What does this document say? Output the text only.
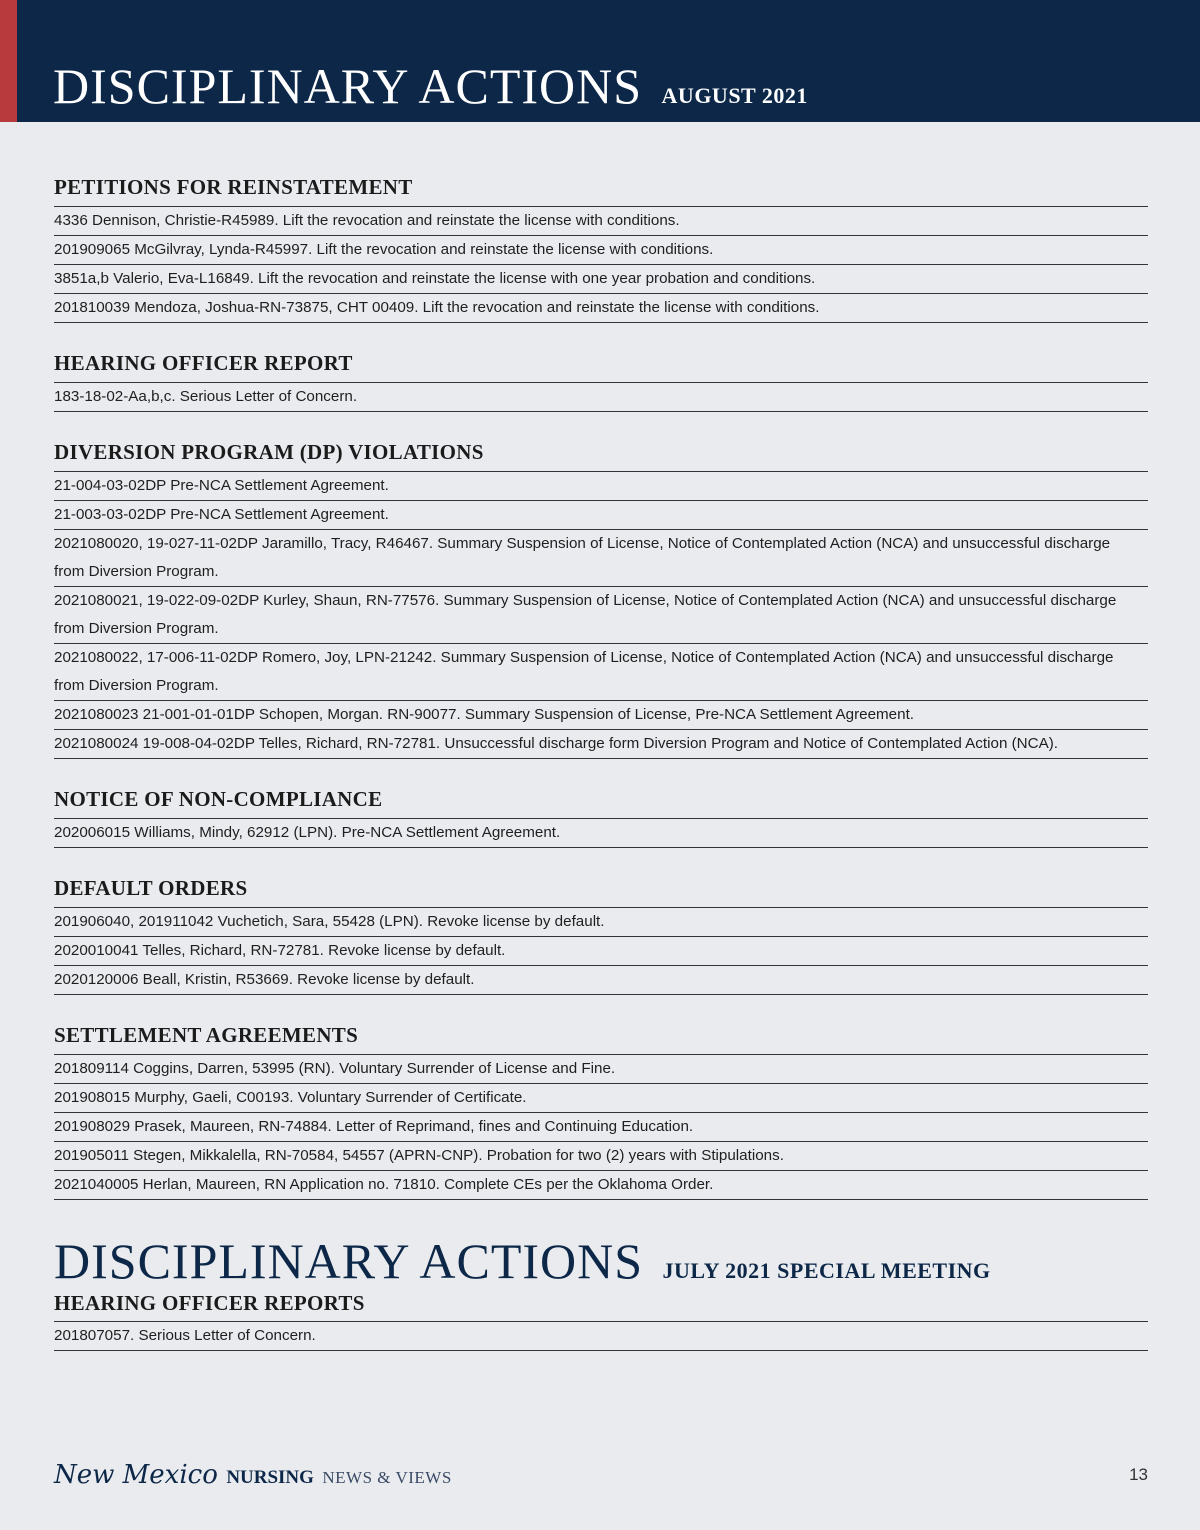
DISCIPLINARY ACTIONS AUGUST 2021
PETITIONS FOR REINSTATEMENT
4336 Dennison, Christie-R45989. Lift the revocation and reinstate the license with conditions.
201909065 McGilvray, Lynda-R45997. Lift the revocation and reinstate the license with conditions.
3851a,b Valerio, Eva-L16849. Lift the revocation and reinstate the license with one year probation and conditions.
201810039 Mendoza, Joshua-RN-73875, CHT 00409. Lift the revocation and reinstate the license with conditions.
HEARING OFFICER REPORT
183-18-02-Aa,b,c. Serious Letter of Concern.
DIVERSION PROGRAM (DP) VIOLATIONS
21-004-03-02DP Pre-NCA Settlement Agreement.
21-003-03-02DP Pre-NCA Settlement Agreement.
2021080020, 19-027-11-02DP Jaramillo, Tracy, R46467. Summary Suspension of License, Notice of Contemplated Action (NCA) and unsuccessful discharge from Diversion Program.
2021080021, 19-022-09-02DP Kurley, Shaun, RN-77576. Summary Suspension of License, Notice of Contemplated Action (NCA) and unsuccessful discharge from Diversion Program.
2021080022, 17-006-11-02DP Romero, Joy, LPN-21242. Summary Suspension of License, Notice of Contemplated Action (NCA) and unsuccessful discharge from Diversion Program.
2021080023 21-001-01-01DP Schopen, Morgan. RN-90077. Summary Suspension of License, Pre-NCA Settlement Agreement.
2021080024 19-008-04-02DP Telles, Richard, RN-72781. Unsuccessful discharge form Diversion Program and Notice of Contemplated Action (NCA).
NOTICE OF NON-COMPLIANCE
202006015 Williams, Mindy, 62912 (LPN). Pre-NCA Settlement Agreement.
DEFAULT ORDERS
201906040, 201911042 Vuchetich, Sara, 55428 (LPN). Revoke license by default.
2020010041 Telles, Richard, RN-72781. Revoke license by default.
2020120006 Beall, Kristin, R53669. Revoke license by default.
SETTLEMENT AGREEMENTS
201809114 Coggins, Darren, 53995 (RN). Voluntary Surrender of License and Fine.
201908015 Murphy, Gaeli, C00193. Voluntary Surrender of Certificate.
201908029 Prasek, Maureen, RN-74884. Letter of Reprimand, fines and Continuing Education.
201905011 Stegen, Mikkalella, RN-70584, 54557 (APRN-CNP). Probation for two (2) years with Stipulations.
2021040005 Herlan, Maureen, RN Application no. 71810. Complete CEs per the Oklahoma Order.
DISCIPLINARY ACTIONS JULY 2021 SPECIAL MEETING
HEARING OFFICER REPORTS
201807057. Serious Letter of Concern.
New Mexico NURSING NEWS & VIEWS	13
